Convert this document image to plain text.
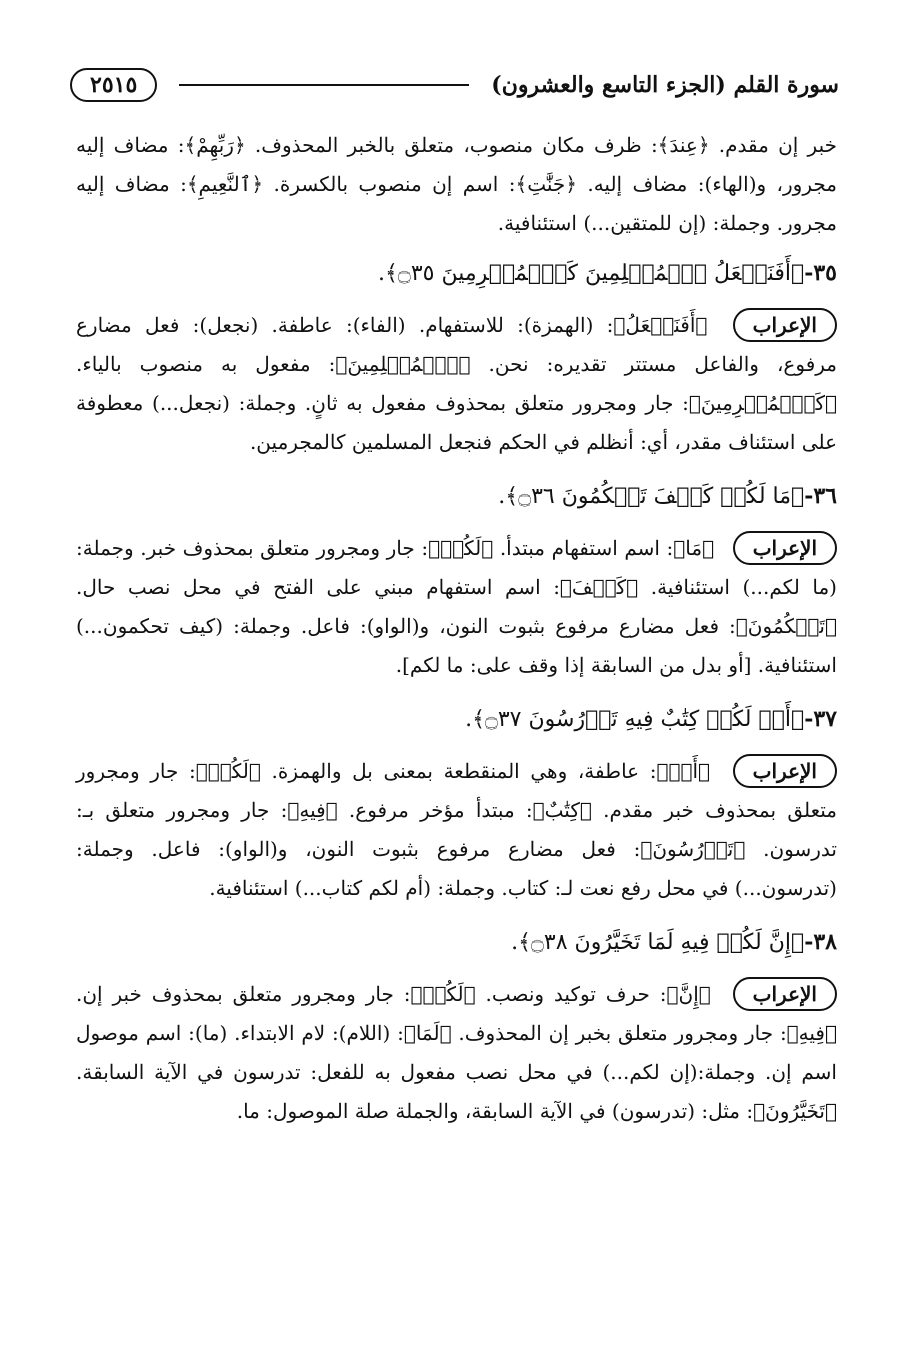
سورة القلم (الجزء التاسع والعشرون)
٢٥١٥

خبر إن مقدم. ﴿عِندَ﴾: ظرف مكان منصوب، متعلق بالخبر المحذوف. ﴿رَبِّهِمْ﴾: مضاف إليه مجرور، و(الهاء): مضاف إليه. ﴿جَنَّٰتِ﴾: اسم إن منصوب بالكسرة. ﴿ٱلنَّعِيمِ﴾: مضاف إليه مجرور. وجملة: (إن للمتقين...) استئنافية.

٣٥-﴿أَفَنَجۡعَلُ ٱلۡمُسۡلِمِينَ كَٱلۡمُجۡرِمِينَ ۝٣٥﴾.

الإعراب ﴿أَفَنَجۡعَلُ﴾: (الهمزة): للاستفهام. (الفاء): عاطفة. (نجعل): فعل مضارع مرفوع، والفاعل مستتر تقديره: نحن. ﴿ٱلۡمُسۡلِمِينَ﴾: مفعول به منصوب بالياء. ﴿كَٱلۡمُجۡرِمِينَ﴾: جار ومجرور متعلق بمحذوف مفعول به ثانٍ. وجملة: (نجعل...) معطوفة على استئناف مقدر، أي: أنظلم في الحكم فنجعل المسلمين كالمجرمين.

٣٦-﴿مَا لَكُمۡ كَيۡفَ تَحۡكُمُونَ ۝٣٦﴾.

الإعراب ﴿مَا﴾: اسم استفهام مبتدأ. ﴿لَكُمۡ﴾: جار ومجرور متعلق بمحذوف خبر. وجملة: (ما لكم...) استئنافية. ﴿كَيۡفَ﴾: اسم استفهام مبني على الفتح في محل نصب حال. ﴿تَحۡكُمُونَ﴾: فعل مضارع مرفوع بثبوت النون، و(الواو): فاعل. وجملة: (كيف تحكمون...) استئنافية. [أو بدل من السابقة إذا وقف على: ما لكم].

٣٧-﴿أَمۡ لَكُمۡ كِتَٰبٌ فِيهِ تَدۡرُسُونَ ۝٣٧﴾.

الإعراب ﴿أَمۡ﴾: عاطفة، وهي المنقطعة بمعنى بل والهمزة. ﴿لَكُمۡ﴾: جار ومجرور متعلق بمحذوف خبر مقدم. ﴿كِتَٰبٌ﴾: مبتدأ مؤخر مرفوع. ﴿فِيهِ﴾: جار ومجرور متعلق بـ: تدرسون. ﴿تَدۡرُسُونَ﴾: فعل مضارع مرفوع بثبوت النون، و(الواو): فاعل. وجملة: (تدرسون...) في محل رفع نعت لـ: كتاب. وجملة: (أم لكم كتاب...) استئنافية.

٣٨-﴿إِنَّ لَكُمۡ فِيهِ لَمَا تَخَيَّرُونَ ۝٣٨﴾.

الإعراب ﴿إِنَّ﴾: حرف توكيد ونصب. ﴿لَكُمۡ﴾: جار ومجرور متعلق بمحذوف خبر إن. ﴿فِيهِ﴾: جار ومجرور متعلق بخبر إن المحذوف. ﴿لَمَا﴾: (اللام): لام الابتداء. (ما): اسم موصول اسم إن. وجملة:(إن لكم...) في محل نصب مفعول به للفعل: تدرسون في الآية السابقة. ﴿تَخَيَّرُونَ﴾: مثل: (تدرسون) في الآية السابقة، والجملة صلة الموصول: ما.
